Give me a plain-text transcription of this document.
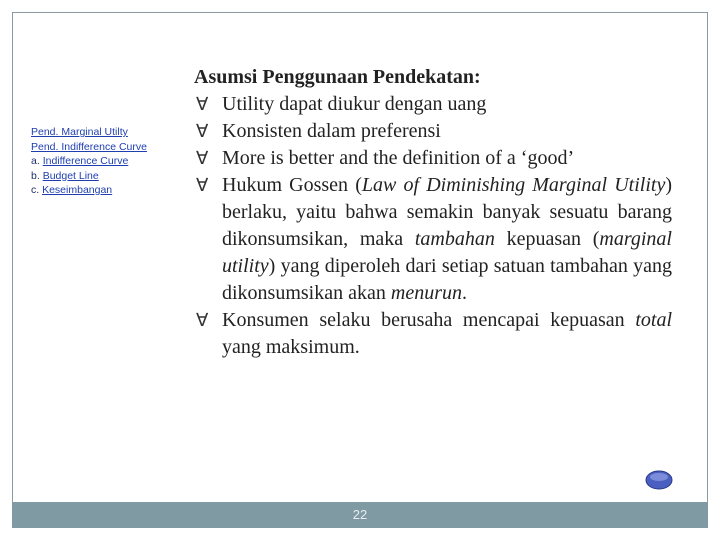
Pend. Marginal Utilty
Pend. Indifference Curve
a. Indifference Curve
b. Budget Line
c. Keseimbangan

Asumsi Penggunaan Pendekatan:

∀ Utility dapat diukur dengan uang
∀ Konsisten dalam preferensi
∀ More is better and the definition of a ‘good’
∀ Hukum Gossen (Law of Diminishing Marginal Utility) berlaku, yaitu bahwa semakin banyak sesuatu barang dikonsumsikan, maka tambahan kepuasan (marginal utility) yang diperoleh dari setiap satuan tambahan yang dikonsumsikan akan menurun.
∀ Konsumen selaku berusaha mencapai kepuasan total yang maksimum.
22
